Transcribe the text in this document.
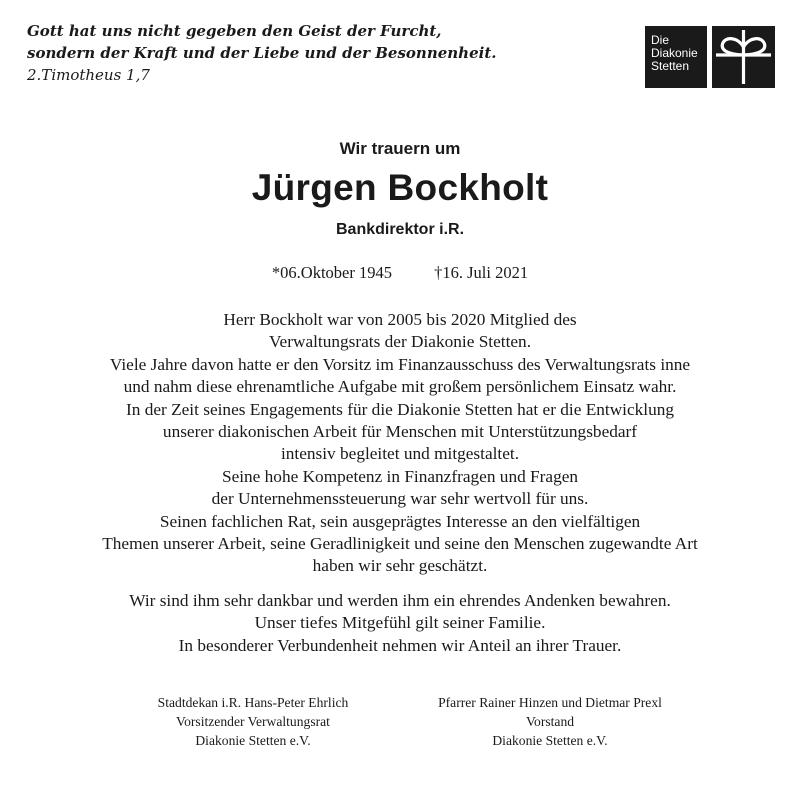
Gott hat uns nicht gegeben den Geist der Furcht,
sondern der Kraft und der Liebe und der Besonnenheit.
2.Timotheus 1,7
Die
Diakonie
Stetten
Wir trauern um
Jürgen Bockholt
Bankdirektor i.R.
*06.Oktober 1945	†16. Juli 2021
Herr Bockholt war von 2005 bis 2020 Mitglied des
Verwaltungsrats der Diakonie Stetten.
Viele Jahre davon hatte er den Vorsitz im Finanzausschuss des Verwaltungsrats inne
und nahm diese ehrenamtliche Aufgabe mit großem persönlichem Einsatz wahr.
In der Zeit seines Engagements für die Diakonie Stetten hat er die Entwicklung
unserer diakonischen Arbeit für Menschen mit Unterstützungsbedarf
intensiv begleitet und mitgestaltet.
Seine hohe Kompetenz in Finanzfragen und Fragen
der Unternehmenssteuerung war sehr wertvoll für uns.
Seinen fachlichen Rat, sein ausgeprägtes Interesse an den vielfältigen
Themen unserer Arbeit, seine Geradlinigkeit und seine den Menschen zugewandte Art
haben wir sehr geschätzt.
Wir sind ihm sehr dankbar und werden ihm ein ehrendes Andenken bewahren.
Unser tiefes Mitgefühl gilt seiner Familie.
In besonderer Verbundenheit nehmen wir Anteil an ihrer Trauer.
Stadtdekan i.R. Hans-Peter Ehrlich
Vorsitzender Verwaltungsrat
Diakonie Stetten e.V.
Pfarrer Rainer Hinzen und Dietmar Prexl
Vorstand
Diakonie Stetten e.V.
